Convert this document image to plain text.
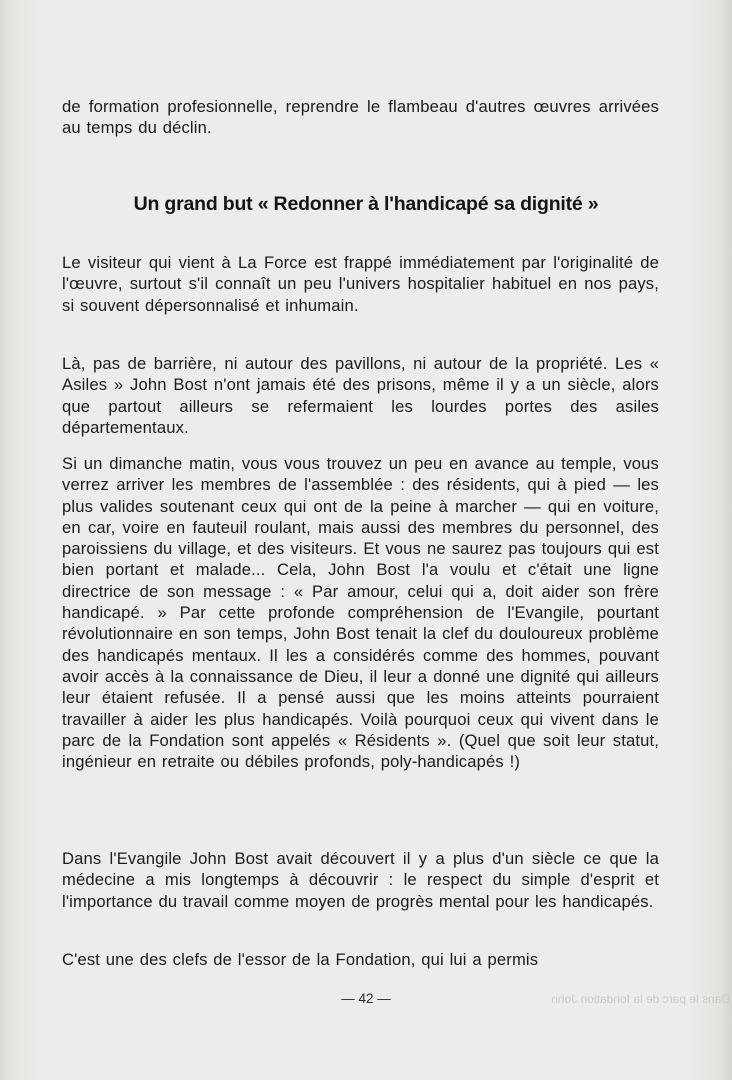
de formation profesionnelle, reprendre le flambeau d'autres œuvres arrivées au temps du déclin.

Un grand but « Redonner à l'handicapé sa dignité »

Le visiteur qui vient à La Force est frappé immédiatement par l'originalité de l'œuvre, surtout s'il connaît un peu l'univers hospitalier habituel en nos pays, si souvent dépersonnalisé et inhumain.

Là, pas de barrière, ni autour des pavillons, ni autour de la propriété. Les « Asiles » John Bost n'ont jamais été des prisons, même il y a un siècle, alors que partout ailleurs se refermaient les lourdes portes des asiles départementaux.

Si un dimanche matin, vous vous trouvez un peu en avance au temple, vous verrez arriver les membres de l'assemblée : des résidents, qui à pied — les plus valides soutenant ceux qui ont de la peine à marcher — qui en voiture, en car, voire en fauteuil roulant, mais aussi des membres du personnel, des paroissiens du village, et des visiteurs. Et vous ne saurez pas toujours qui est bien portant et malade... Cela, John Bost l'a voulu et c'était une ligne directrice de son message : « Par amour, celui qui a, doit aider son frère handicapé. » Par cette profonde compréhension de l'Evangile, pourtant révolutionnaire en son temps, John Bost tenait la clef du douloureux problème des handicapés mentaux. Il les a considérés comme des hommes, pouvant avoir accès à la connaissance de Dieu, il leur a donné une dignité qui ailleurs leur étaient refusée. Il a pensé aussi que les moins atteints pourraient travailler à aider les plus handicapés. Voilà pourquoi ceux qui vivent dans le parc de la Fondation sont appelés « Résidents ». (Quel que soit leur statut, ingénieur en retraite ou débiles profonds, poly-handicapés !)

Dans l'Evangile John Bost avait découvert il y a plus d'un siècle ce que la médecine a mis longtemps à découvrir : le respect du simple d'esprit et l'importance du travail comme moyen de progrès mental pour les handicapés.

C'est une des clefs de l'essor de la Fondation, qui lui a permis

— 42 —	Dans le parc de la fondation John
